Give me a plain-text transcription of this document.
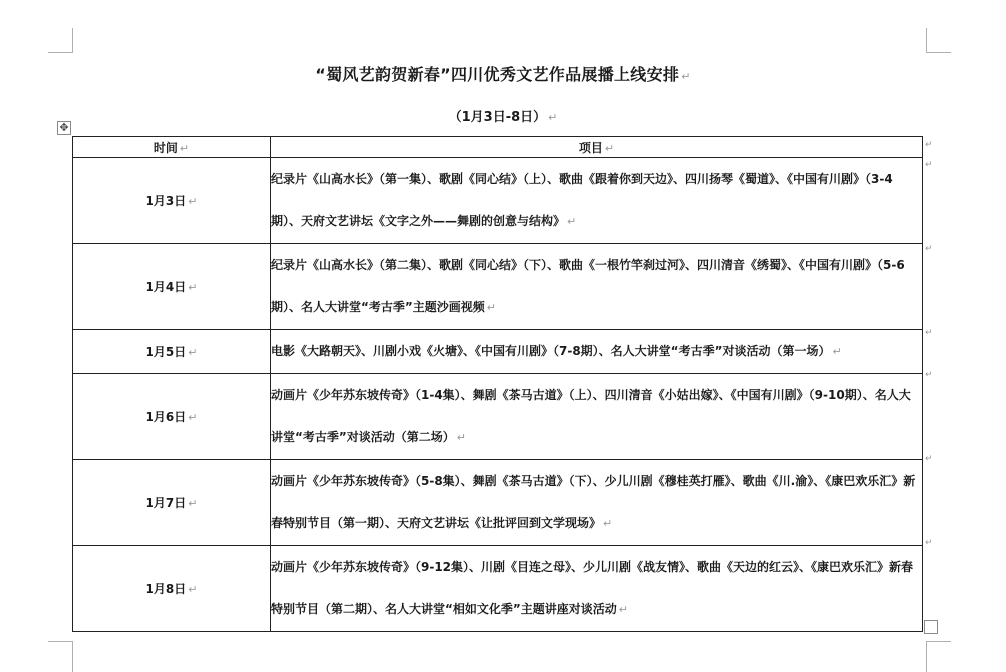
“蜀风艺韵贺新春”四川优秀文艺作品展播上线安排 ↵
（1月3日-8日） ↵
✥
时间 ↵	项目 ↵
1月3日 ↵	纪录片《山高水长》（第一集）、歌剧《同心结》（上）、歌曲《跟着你到天边》、四川扬琴《蜀道》、《中国有川剧》（3-4期）、天府文艺讲坛《文字之外——舞剧的创意与结构》 ↵
1月4日 ↵	纪录片《山高水长》（第二集）、歌剧《同心结》（下）、歌曲《一根竹竿刹过河》、四川清音《绣蜀》、《中国有川剧》（5-6期）、名人大讲堂“考古季”主题沙画视频 ↵
1月5日 ↵	电影《大路朝天》、川剧小戏《火塘》、《中国有川剧》（7-8期）、名人大讲堂“考古季”对谈活动（第一场） ↵
1月6日 ↵	动画片《少年苏东坡传奇》（1-4集）、舞剧《茶马古道》（上）、四川清音《小姑出嫁》、《中国有川剧》（9-10期）、名人大讲堂“考古季”对谈活动（第二场） ↵
1月7日 ↵	动画片《少年苏东坡传奇》（5-8集）、舞剧《茶马古道》（下）、少儿川剧《穆桂英打雁》、歌曲《川.渝》、《康巴欢乐汇》新春特别节目（第一期）、天府文艺讲坛《让批评回到文学现场》 ↵
1月8日 ↵	动画片《少年苏东坡传奇》（9-12集）、川剧《目连之母》、少儿川剧《战友情》、歌曲《天边的红云》、《康巴欢乐汇》新春特别节目（第二期）、名人大讲堂“相如文化季”主题讲座对谈活动 ↵
↵
↵
↵
↵
↵
↵
↵
